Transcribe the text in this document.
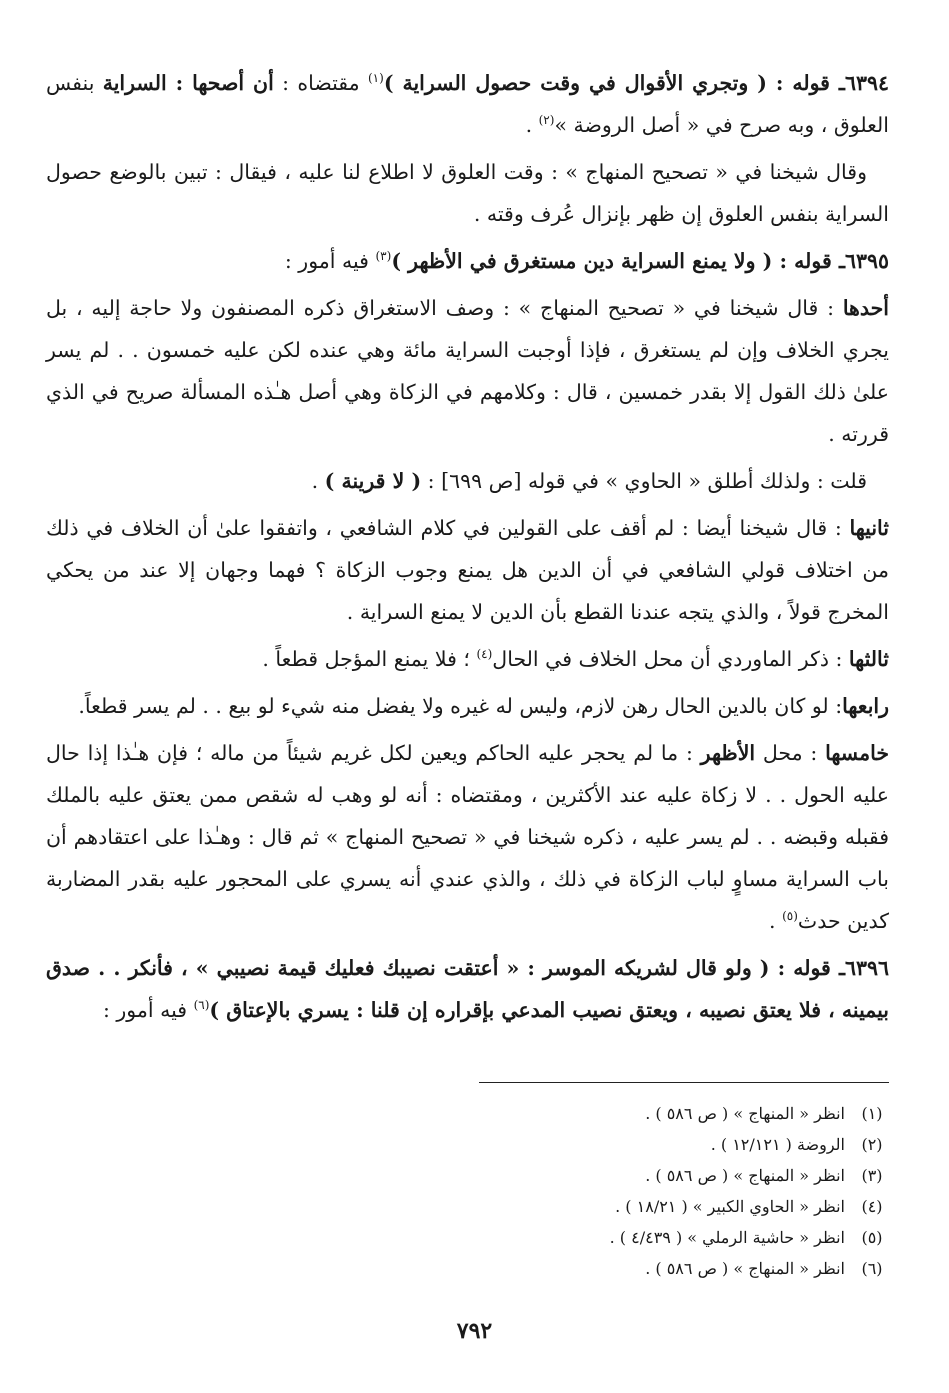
٦٣٩٤ـ قوله : ( وتجري الأقوال في وقت حصول السراية )$^{(١)}$ مقتضاه : أن أصحها : السراية بنفس العلوق ، وبه صرح في « أصل الروضة »$^{(٢)}$ .

وقال شيخنا في « تصحيح المنهاج » : وقت العلوق لا اطلاع لنا عليه ، فيقال : تبين بالوضع حصول السراية بنفس العلوق إن ظهر بإنزال عُرف وقته .

٦٣٩٥ـ قوله : ( ولا يمنع السراية دين مستغرق في الأظهر )$^{(٣)}$ فيه أمور :

أحدها : قال شيخنا في « تصحيح المنهاج » : وصف الاستغراق ذكره المصنفون ولا حاجة إليه ، بل يجري الخلاف وإن لم يستغرق ، فإذا أوجبت السراية مائة وهي عنده لكن عليه خمسون . . لم يسر علىٰ ذلك القول إلا بقدر خمسين ، قال : وكلامهم في الزكاة وهي أصل هـٰذه المسألة صريح في الذي قررته .

قلت : ولذلك أطلق « الحاوي » في قوله [ص ٦٩٩] : ( لا قرينة ) .

ثانيها : قال شيخنا أيضا : لم أقف على القولين في كلام الشافعي ، واتفقوا علىٰ أن الخلاف في ذلك من اختلاف قولي الشافعي في أن الدين هل يمنع وجوب الزكاة ؟ فهما وجهان إلا عند من يحكي المخرج قولاً ، والذي يتجه عندنا القطع بأن الدين لا يمنع السراية .

ثالثها : ذكر الماوردي أن محل الخلاف في الحال$^{(٤)}$ ؛ فلا يمنع المؤجل قطعاً .

رابعها: لو كان بالدين الحال رهن لازم، وليس له غيره ولا يفضل منه شيء لو بيع . . لم يسر قطعاً.

خامسها : محل الأظهر : ما لم يحجر عليه الحاكم ويعين لكل غريم شيئاً من ماله ؛ فإن هـٰذا إذا حال عليه الحول . . لا زكاة عليه عند الأكثرين ، ومقتضاه : أنه لو وهب له شقص ممن يعتق عليه بالملك فقبله وقبضه . . لم يسر عليه ، ذكره شيخنا في « تصحيح المنهاج » ثم قال : وهـٰذا على اعتقادهم أن باب السراية مساوٍ لباب الزكاة في ذلك ، والذي عندي أنه يسري على المحجور عليه بقدر المضاربة كدين حدث$^{(٥)}$ .

٦٣٩٦ـ قوله : ( ولو قال لشريكه الموسر : « أعتقت نصيبك فعليك قيمة نصيبي » ، فأنكر . . صدق بيمينه ، فلا يعتق نصيبه ، ويعتق نصيب المدعي بإقراره إن قلنا : يسري بالإعتاق )$^{(٦)}$ فيه أمور :

(١)
انظر « المنهاج » ( ص ٥٨٦ ) .
(٢)
الروضة ( ١٢/١٢١ ) .
(٣)
انظر « المنهاج » ( ص ٥٨٦ ) .
(٤)
انظر « الحاوي الكبير » ( ١٨/٢١ ) .
(٥)
انظر « حاشية الرملي » ( ٤/٤٣٩ ) .
(٦)
انظر « المنهاج » ( ص ٥٨٦ ) .
٧٩٢
